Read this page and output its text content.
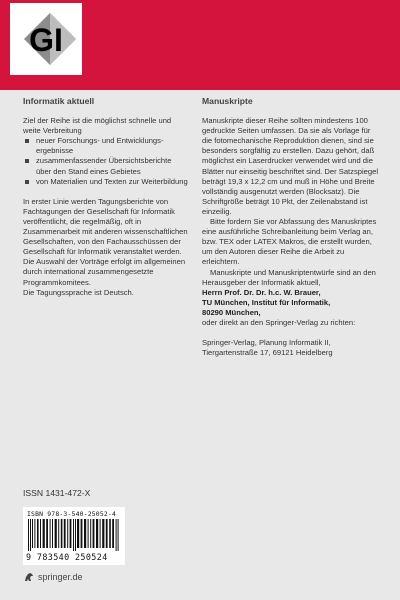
GI
Informatik aktuell

Ziel der Reihe ist die möglichst schnelle und weite Verbreitung

neuer Forschungs- und Entwicklungs-ergebnisse
zusammenfassender Übersichtsberichte über den Stand eines Gebietes
von Materialien und Texten zur Weiterbildung

In erster Linie werden Tagungsberichte von Fachtagungen der Gesellschaft für Informatik veröffentlicht, die regelmäßig, oft in Zusammenarbeit mit anderen wissenschaftlichen Gesellschaften, von den Fachausschüssen der Gesellschaft für Informatik veranstaltet werden. Die Auswahl der Vorträge erfolgt im allgemeinen durch international zusammengesetzte Programmkomitees.

Die Tagungssprache ist Deutsch.

Manuskripte

Manuskripte dieser Reihe sollten mindestens 100 gedruckte Seiten umfassen. Da sie als Vorlage für die fotomechanische Reproduktion dienen, sind sie besonders sorgfältig zu erstellen. Dazu gehört, daß möglichst ein Laserdrucker verwendet wird und die Blätter nur einseitig beschriftet sind. Der Satzspiegel beträgt 19,3 x 12,2 cm und muß in Höhe und Breite vollständig ausgenutzt werden (Blocksatz). Die Schriftgröße beträgt 10 Pkt, der Zeilenabstand ist einzeilig.

Bitte fordern Sie vor Abfassung des Manuskriptes eine ausführliche Schreibanleitung beim Verlag an, bzw. TEX oder LATEX Makros, die erstellt wurden, um den Autoren dieser Reihe die Arbeit zu erleichtern.

Manuskripte und Manuskriptentwürfe sind an den Herausgeber der Informatik aktuell,

Herrn Prof. Dr. Dr. h.c. W. Brauer,
TU München, Institut für Informatik,
80290 München,

oder direkt an den Springer-Verlag zu richten:

Springer-Verlag, Planung Informatik II,
Tiergartenstraße 17, 69121 Heidelberg
ISSN 1431-472-X
ISBN 978-3-540-25052-4
9 783540 250524
springer.de
